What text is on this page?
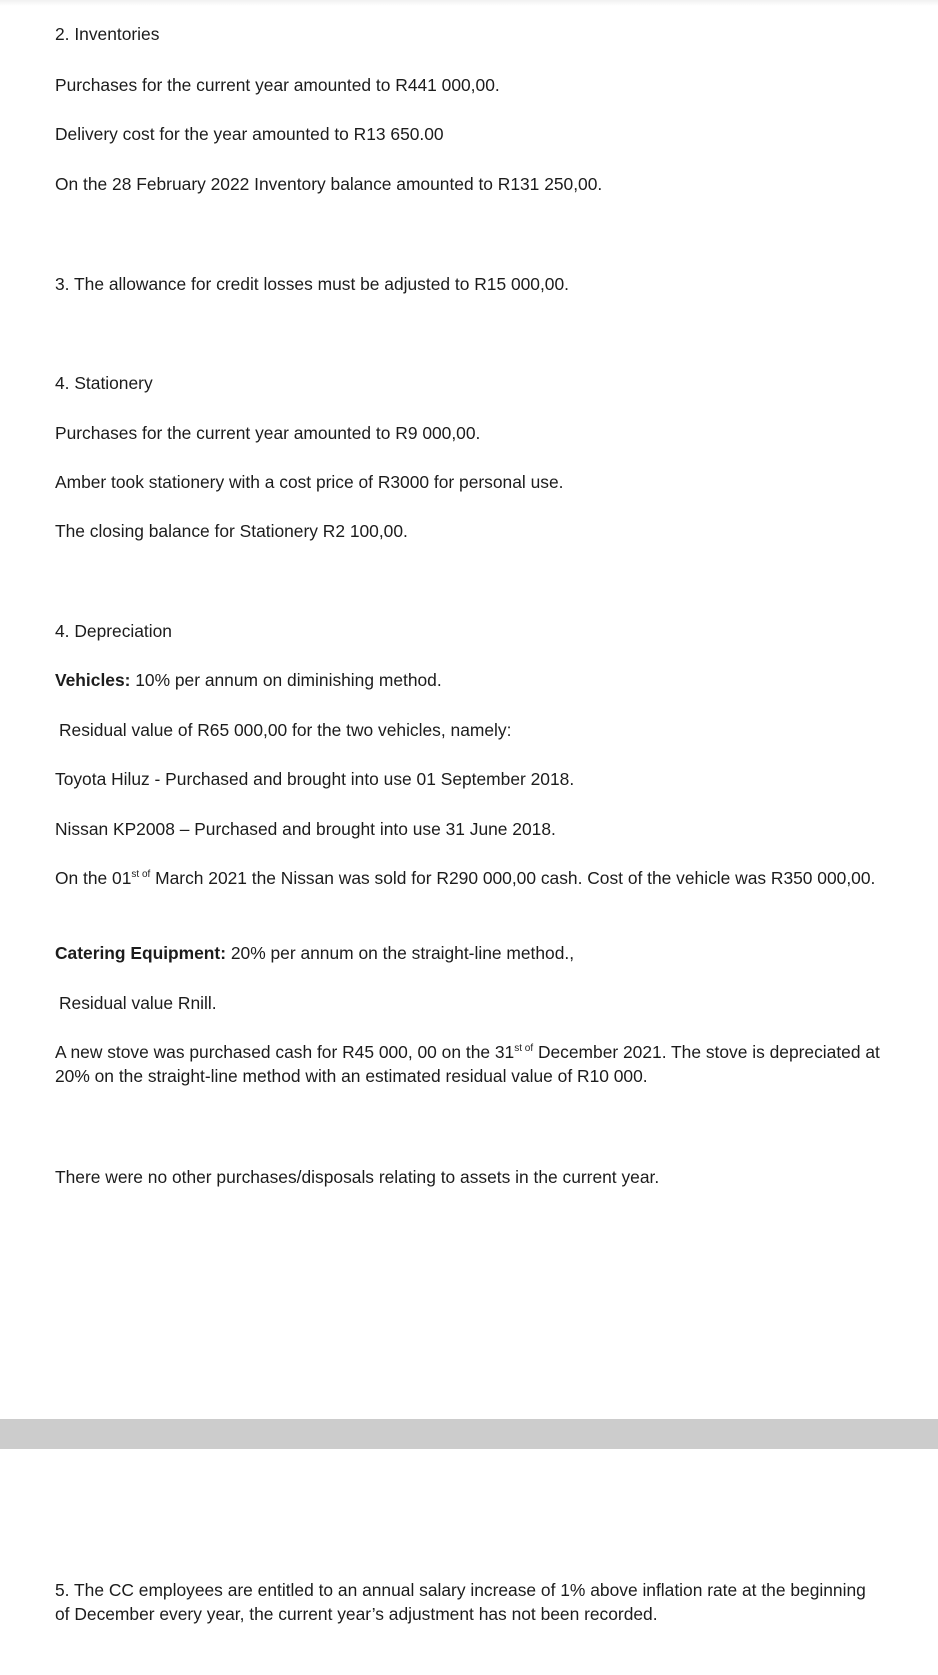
2. Inventories
Purchases for the current year amounted to R441 000,00.
Delivery cost for the year amounted to R13 650.00
On the 28 February 2022 Inventory balance amounted to R131 250,00.
3. The allowance for credit losses must be adjusted to R15 000,00.
4. Stationery
Purchases for the current year amounted to R9 000,00.
Amber took stationery with a cost price of R3000 for personal use.
The closing balance for Stationery R2 100,00.
4. Depreciation
Vehicles: 10% per annum on diminishing method.
Residual value of R65 000,00 for the two vehicles, namely:
Toyota Hiluz - Purchased and brought into use 01 September 2018.
Nissan KP2008 – Purchased and brought into use 31 June 2018.
On the $01^{st of}$ March 2021 the Nissan was sold for R290 000,00 cash. Cost of the vehicle was R350 000,00.
Catering Equipment: 20% per annum on the straight-line method.,
Residual value Rnill.
A new stove was purchased cash for R45 000, 00 on the $31^{st of}$ December 2021. The stove is depreciated at 20% on the straight-line method with an estimated residual value of R10 000.
There were no other purchases/disposals relating to assets in the current year.
5. The CC employees are entitled to an annual salary increase of 1% above inflation rate at the beginning of December every year, the current year’s adjustment has not been recorded.
